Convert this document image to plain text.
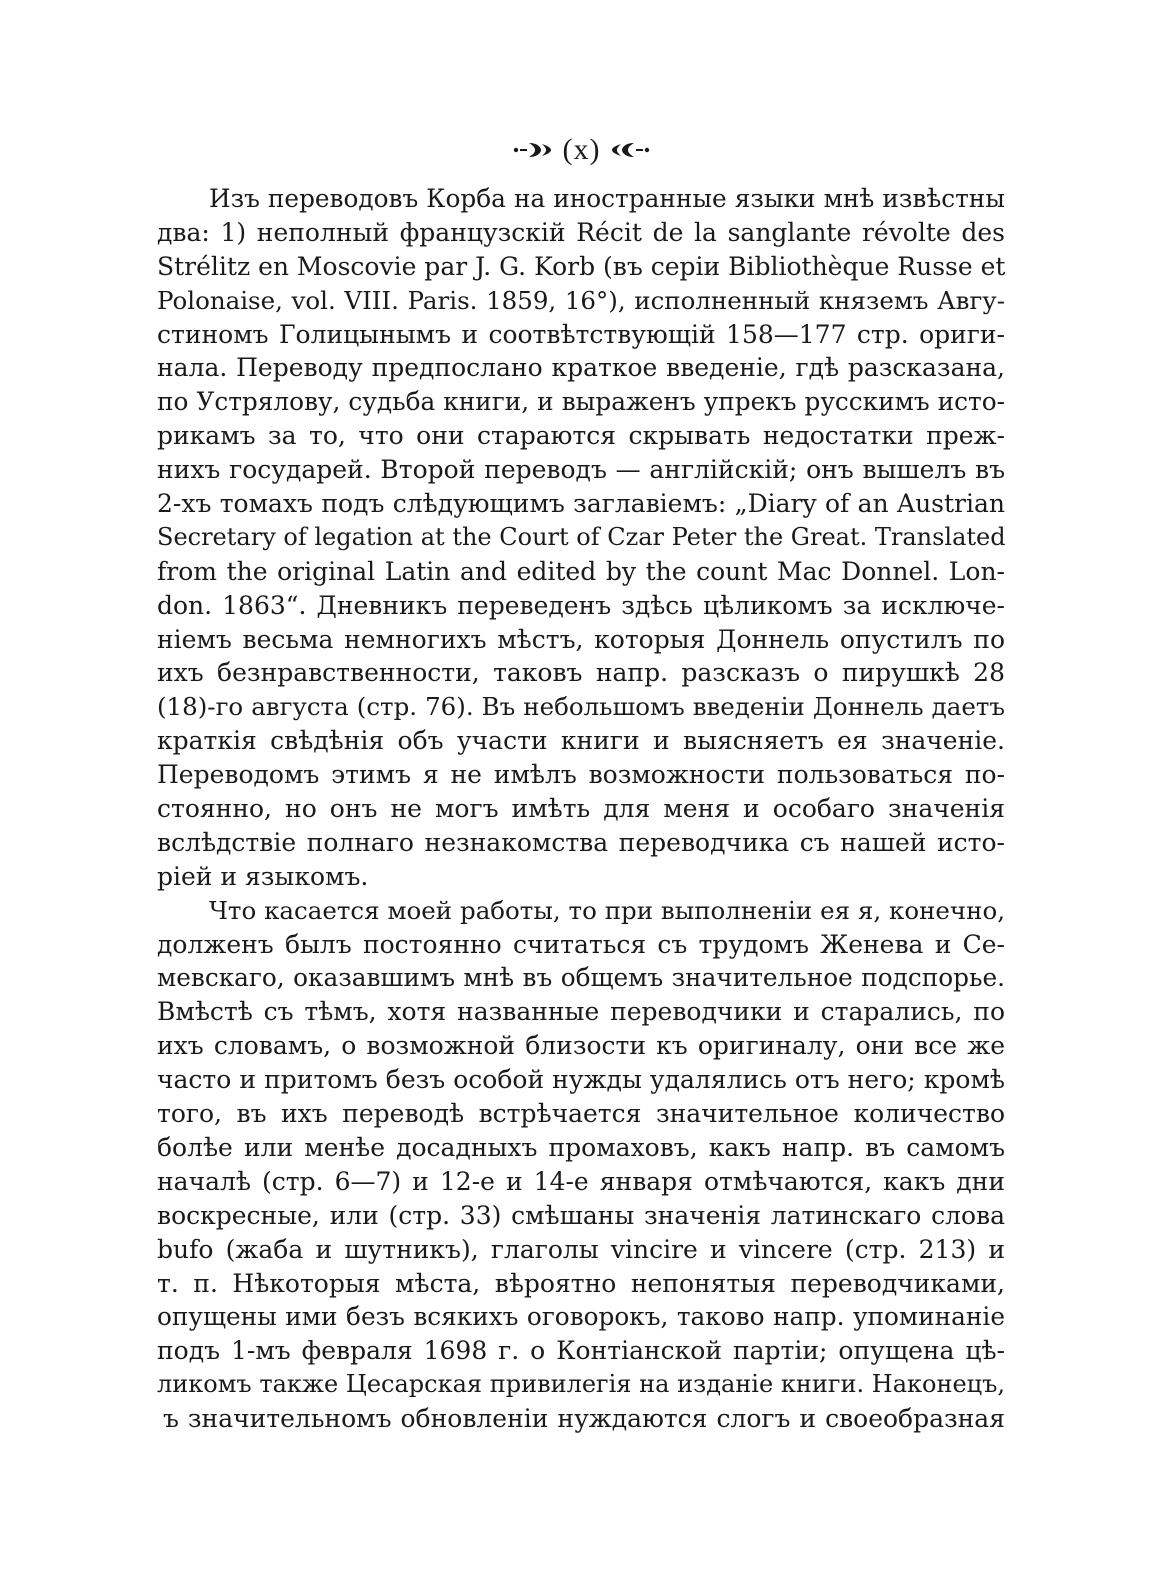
(x)
Изъ переводовъ Корба на иностранные языки мнѣ извѣстны
два: 1) неполный французскій Récit de la sanglante révolte des
Strélitz en Moscovie par J. G. Korb (въ серіи Bibliothèque Russe et
Polonaise, vol. VIII. Paris. 1859, 16°), исполненный княземъ Авгу-
стиномъ Голицынымъ и соотвѣтствующій 158—177 стр. ориги-
нала. Переводу предпослано краткое введеніе, гдѣ разсказана,
по Устрялову, судьба книги, и выраженъ упрекъ русскимъ исто-
рикамъ за то, что они стараются скрывать недостатки преж-
нихъ государей. Второй переводъ — англійскій; онъ вышелъ въ
2-хъ томахъ подъ слѣдующимъ заглавіемъ: „Diary of an Austrian
Secretary of legation at the Court of Czar Peter the Great. Translated
from the original Latin and edited by the count Mac Donnel. Lon-
don. 1863“. Дневникъ переведенъ здѣсь цѣликомъ за исключе-
ніемъ весьма немногихъ мѣстъ, которыя Доннель опустилъ по
ихъ безнравственности, таковъ напр. разсказъ о пирушкѣ 28
(18)-го августа (стр. 76). Въ небольшомъ введеніи Доннель даетъ
краткія свѣдѣнія объ участи книги и выясняетъ ея значеніе.
Переводомъ этимъ я не имѣлъ возможности пользоваться по-
стоянно, но онъ не могъ имѣть для меня и особаго значенія
вслѣдствіе полнаго незнакомства переводчика съ нашей исто-
ріей и языкомъ.
Что касается моей работы, то при выполненіи ея я, конечно,
долженъ былъ постоянно считаться съ трудомъ Женева и Се-
мевскаго, оказавшимъ мнѣ въ общемъ значительное подспорье.
Вмѣстѣ съ тѣмъ, хотя названные переводчики и старались, по
ихъ словамъ, о возможной близости къ оригиналу, они все же
часто и притомъ безъ особой нужды удалялись отъ него; кромѣ
того, въ ихъ переводѣ встрѣчается значительное количество
болѣе или менѣе досадныхъ промаховъ, какъ напр. въ самомъ
началѣ (стр. 6—7) и 12-е и 14-е января отмѣчаются, какъ дни
воскресные, или (стр. 33) смѣшаны значенія латинскаго слова
bufo (жаба и шутникъ), глаголы vincire и vincere (стр. 213) и
т. п. Нѣкоторыя мѣста, вѣроятно непонятыя переводчиками,
опущены ими безъ всякихъ оговорокъ, таково напр. упоминаніе
подъ 1-мъ февраля 1698 г. о Контіанской партіи; опущена цѣ-
ликомъ также Цесарская привилегія на изданіе книги. Наконецъ,
ъ значительномъ обновленіи нуждаются слогъ и своеобразная
